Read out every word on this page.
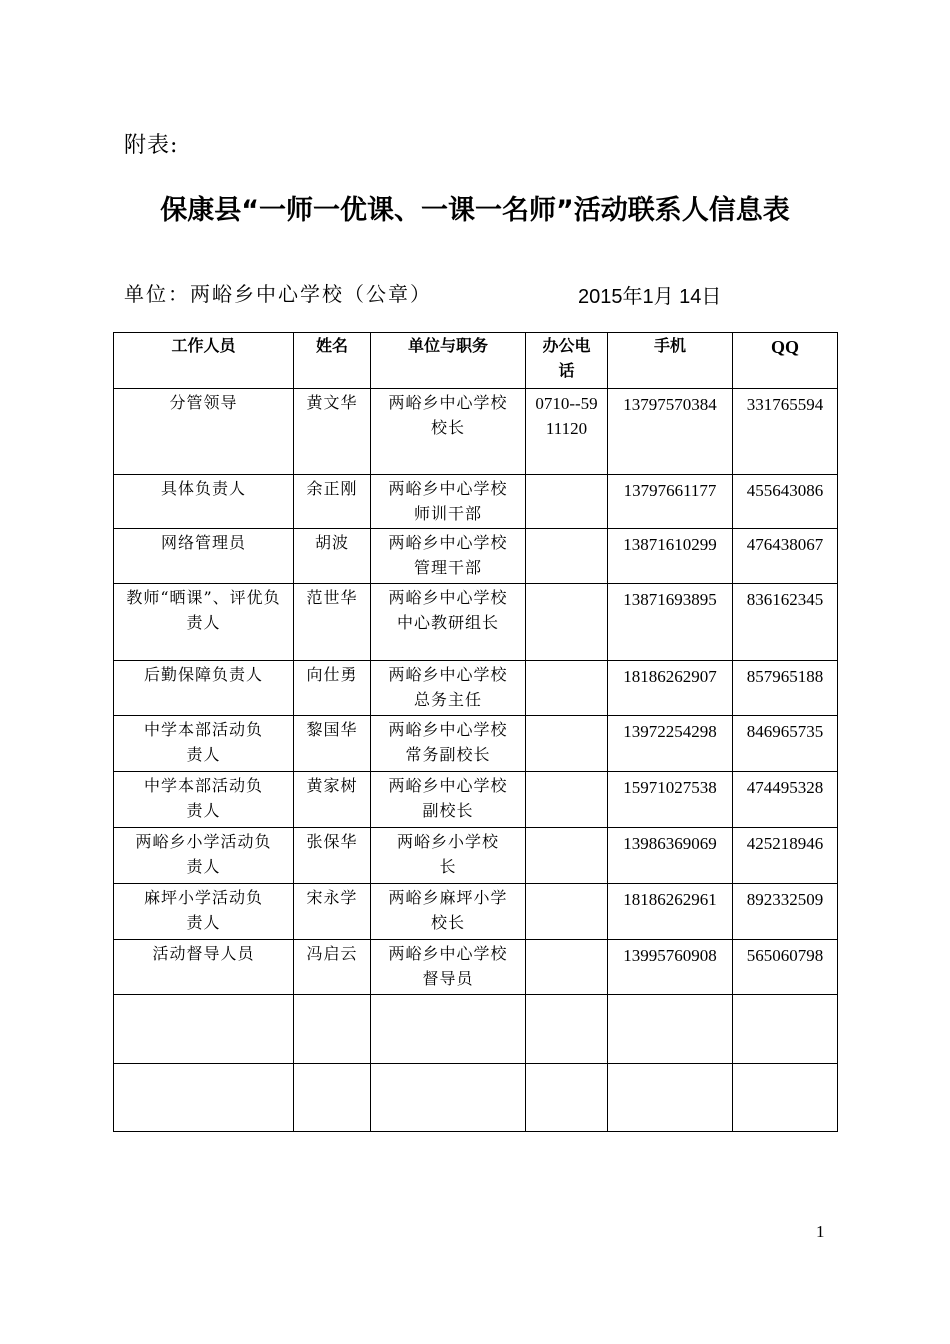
附表:
保康县“一师一优课、一课一名师”活动联系人信息表
单位：两峪乡中心学校（公章）	2015年1月 14日
工作人员	姓名	单位与职务	办公电话	手机	QQ
分管领导	黄文华	两峪乡中心学校校长	0710--5911120	13797570384	331765594
具体负责人	余正刚	两峪乡中心学校师训干部		13797661177	455643086
网络管理员	胡波	两峪乡中心学校管理干部		13871610299	476438067
教师“晒课”、评优负责人	范世华	两峪乡中心学校中心教研组长		13871693895	836162345
后勤保障负责人	向仕勇	两峪乡中心学校总务主任		18186262907	857965188
中学本部活动负责人	黎国华	两峪乡中心学校常务副校长		13972254298	846965735
中学本部活动负责人	黄家树	两峪乡中心学校副校长		15971027538	474495328
两峪乡小学活动负责人	张保华	两峪乡小学校长		13986369069	425218946
麻坪小学活动负责人	宋永学	两峪乡麻坪小学校长		18186262961	892332509
活动督导人员	冯启云	两峪乡中心学校督导员		13995760908	565060798

1
